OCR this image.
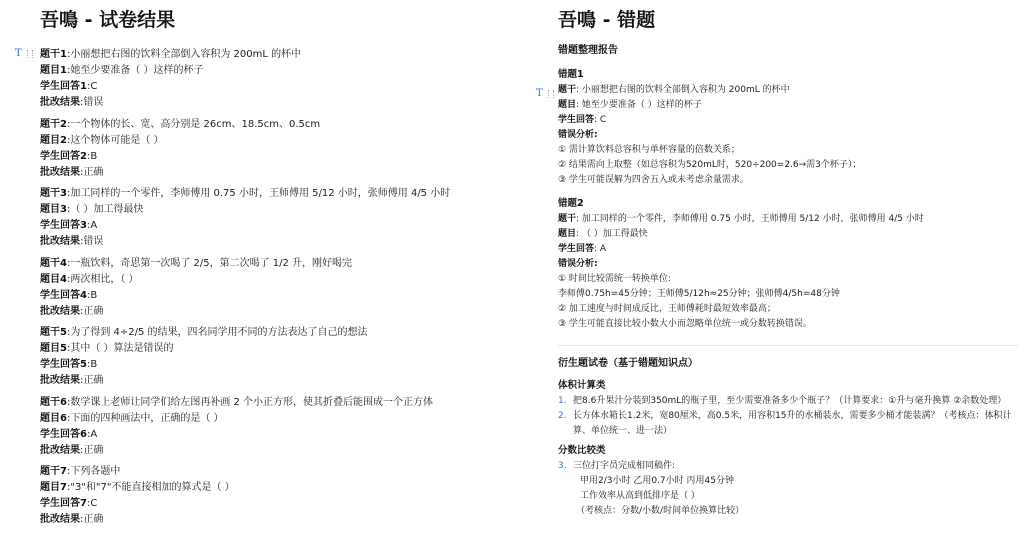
吾鳴 - 试卷结果
T 题干1:小丽想把右图的饮料全部倒入容积为 200mL 的杯中
题目1:她至少要准备（ ）这样的杯子
学生回答1:C
批改结果:错误
题干2:一个物体的长、宽、高分别是 26cm、18.5cm、0.5cm
题目2:这个物体可能是（ ）
学生回答2:B
批改结果:正确
题干3:加工同样的一个零件，李师傅用 0.75 小时，王师傅用 5/12 小时，张师傅用 4/5 小时
题目3:（ ）加工得最快
学生回答3:A
批改结果:错误
题干4:一瓶饮料，奇思第一次喝了 2/5，第二次喝了 1/2 升，刚好喝完
题目4:两次相比，（ ）
学生回答4:B
批改结果:正确
题干5:为了得到 4÷2/5 的结果，四名同学用不同的方法表达了自己的想法
题目5:其中（ ）算法是错误的
学生回答5:B
批改结果:正确
题干6:数学课上老师让同学们给左图再补画 2 个小正方形，使其折叠后能围成一个正方体
题目6:下面的四种画法中，正确的是（ ）
学生回答6:A
批改结果:正确
题干7:下列各题中
题目7:"3"和"7"不能直接相加的算式是（ ）
学生回答7:C
批改结果:正确
吾鳴 - 错题
T
错题整理报告
错题1
题干: 小丽想把右图的饮料全部倒入容积为 200mL 的杯中
题目: 她至少要准备（ ）这样的杯子
学生回答: C
错误分析:
① 需计算饮料总容积与单杯容量的倍数关系；
② 结果需向上取整（如总容积为520mL时，520÷200=2.6→需3个杯子）；
③ 学生可能误解为四舍五入或未考虑余量需求。
错题2
题干: 加工同样的一个零件，李师傅用 0.75 小时，王师傅用 5/12 小时，张师傅用 4/5 小时
题目: （ ）加工得最快
学生回答: A
错误分析:
① 时间比较需统一转换单位:
李师傅0.75h=45分钟；王师傅5/12h≈25分钟；张师傅4/5h=48分钟
② 加工速度与时间成反比，王师傅耗时最短效率最高；
③ 学生可能直接比较小数大小而忽略单位统一或分数转换错误。
衍生题试卷（基于错题知识点）
体积计算类
1. 把8.6升果汁分装到350mL的瓶子里，至少需要准备多少个瓶子？（计算要求：①升与毫升换算 ②余数处理）
2. 长方体水箱长1.2米，宽80厘米，高0.5米，用容积15升的水桶装水，需要多少桶才能装满？（考核点：体积计
算、单位统一、进一法）
分数比较类
3. 三位打字员完成相同稿件:
甲用2/3小时 乙用0.7小时 丙用45分钟
工作效率从高到低排序是（ ）
（考核点：分数/小数/时间单位换算比较）
